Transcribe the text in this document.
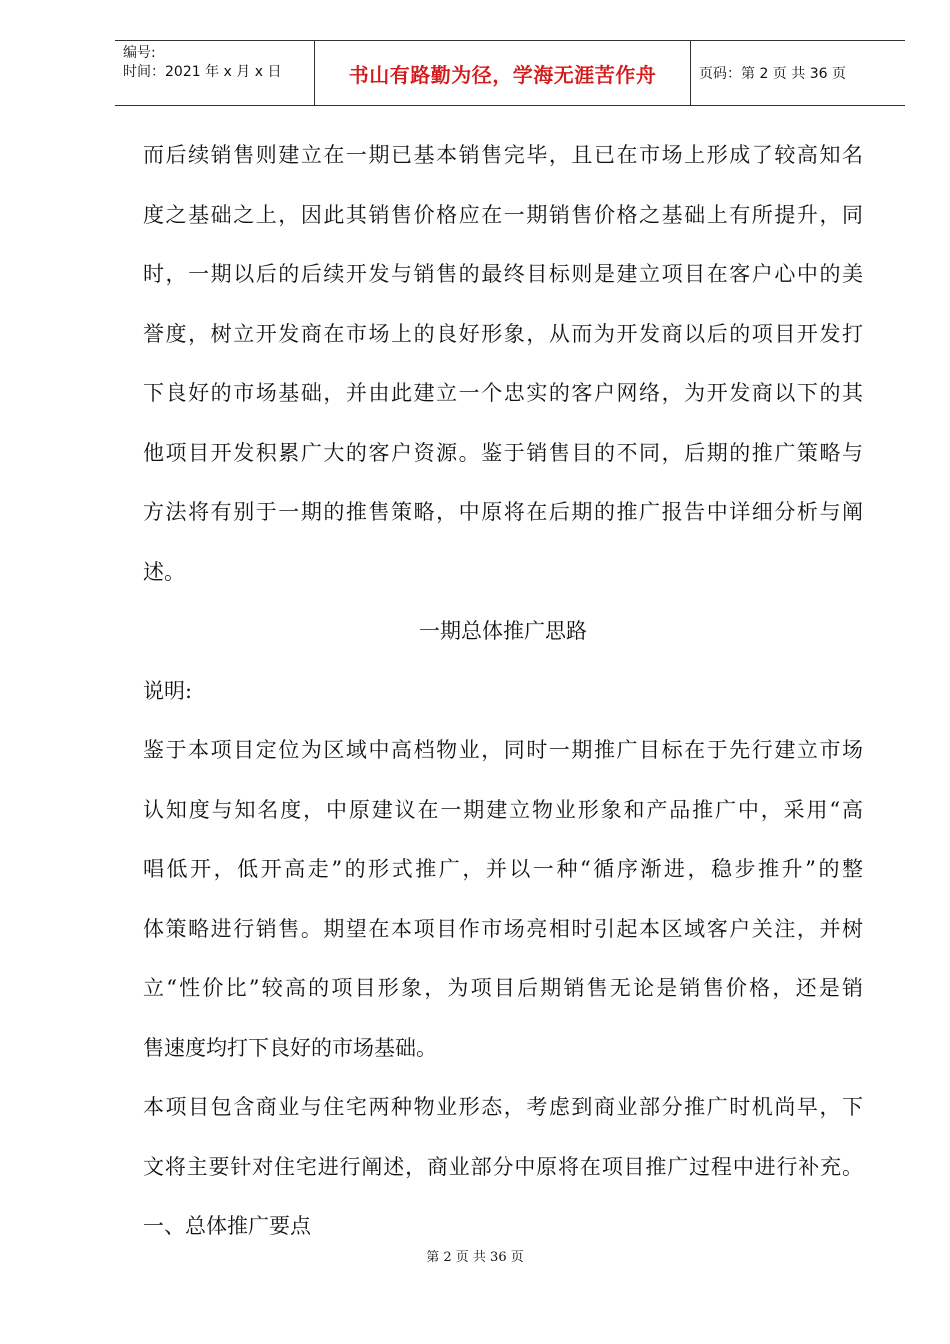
编号:
时间：2021 年 x 月 x 日	书山有路勤为径，学海无涯苦作舟	页码：第 2 页 共 36 页
而后续销售则建立在一期已基本销售完毕，且已在市场上形成了较高知名
度之基础之上，因此其销售价格应在一期销售价格之基础上有所提升，同
时，一期以后的后续开发与销售的最终目标则是建立项目在客户心中的美
誉度，树立开发商在市场上的良好形象，从而为开发商以后的项目开发打
下良好的市场基础，并由此建立一个忠实的客户网络，为开发商以下的其
他项目开发积累广大的客户资源。鉴于销售目的不同，后期的推广策略与
方法将有别于一期的推售策略，中原将在后期的推广报告中详细分析与阐
述。
一期总体推广思路
说明:
鉴于本项目定位为区域中高档物业，同时一期推广目标在于先行建立市场
认知度与知名度，中原建议在一期建立物业形象和产品推广中，采用“高
唱低开，低开高走”的形式推广，并以一种“循序渐进，稳步推升”的整
体策略进行销售。期望在本项目作市场亮相时引起本区域客户关注，并树
立“性价比”较高的项目形象，为项目后期销售无论是销售价格，还是销
售速度均打下良好的市场基础。
本项目包含商业与住宅两种物业形态，考虑到商业部分推广时机尚早，下
文将主要针对住宅进行阐述，商业部分中原将在项目推广过程中进行补充。
一、总体推广要点
第 2 页 共 36 页
